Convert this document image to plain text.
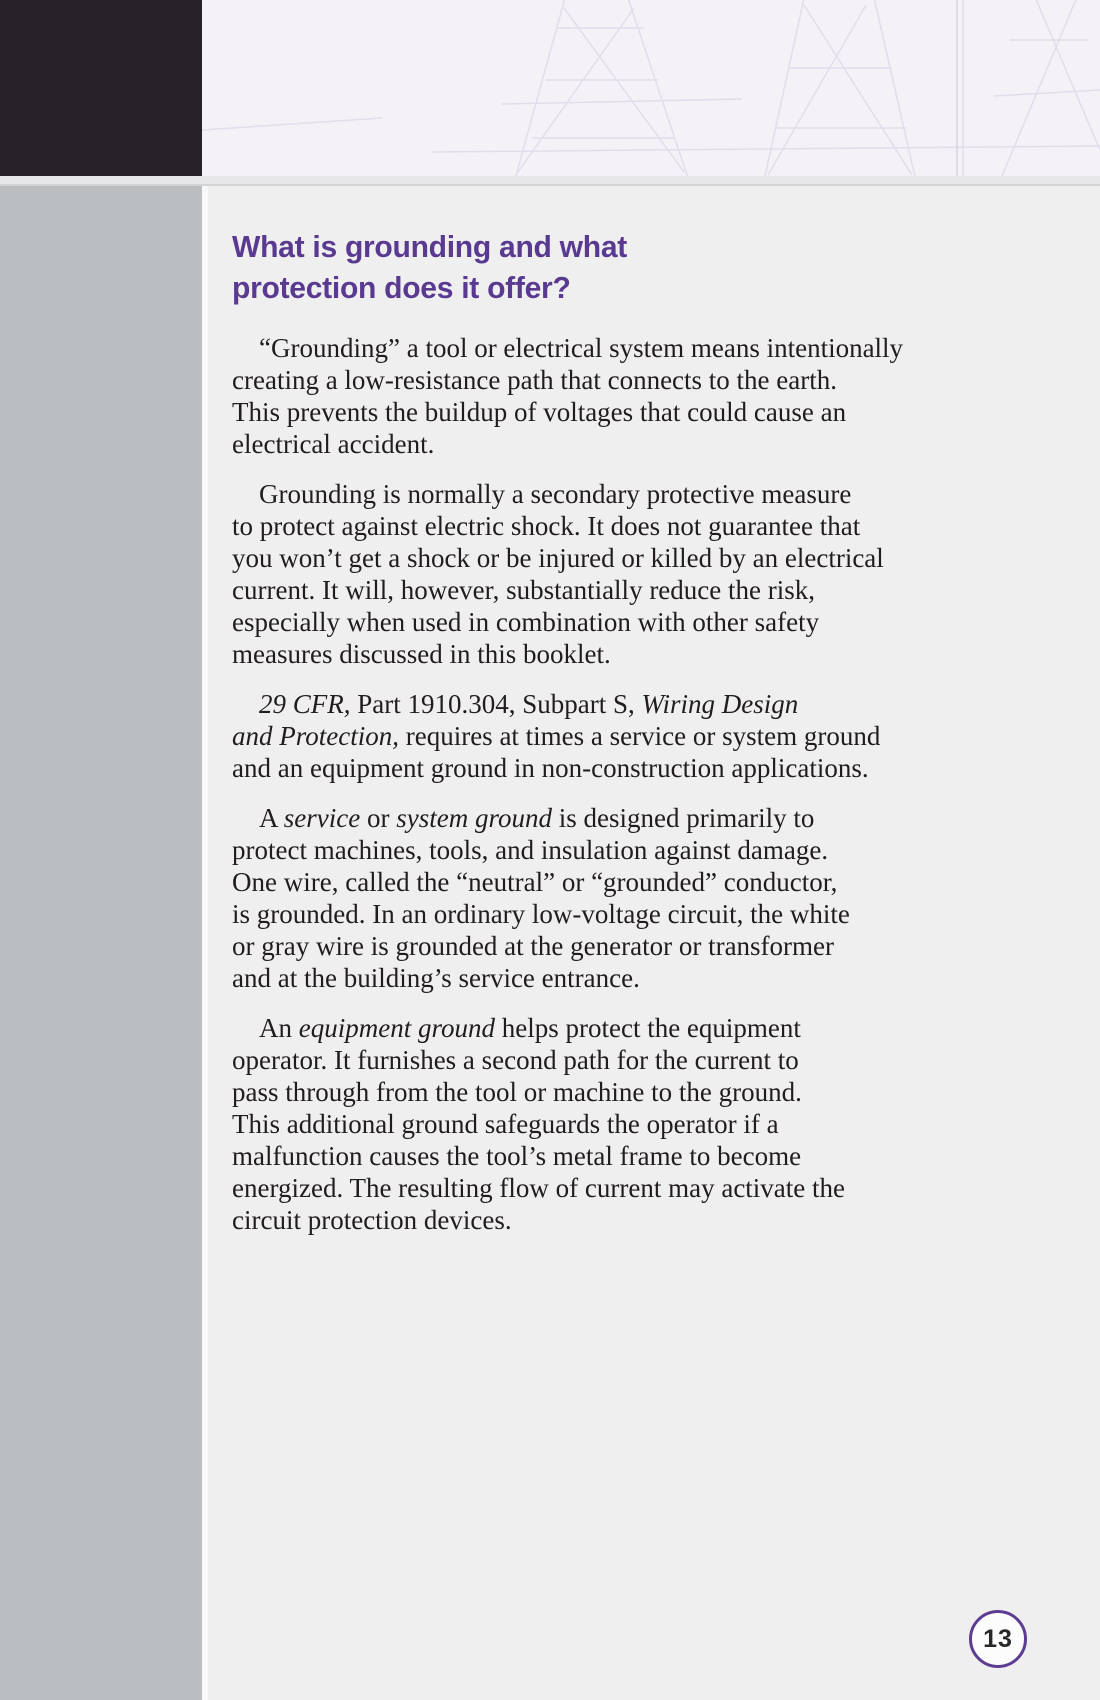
What is grounding and what
protection does it offer?
“Grounding” a tool or electrical system means intentionally
creating a low-resistance path that connects to the earth.
This prevents the buildup of voltages that could cause an
electrical accident.
Grounding is normally a secondary protective measure
to protect against electric shock. It does not guarantee that
you won’t get a shock or be injured or killed by an electrical
current. It will, however, substantially reduce the risk,
especially when used in combination with other safety
measures discussed in this booklet.
29 CFR, Part 1910.304, Subpart S, Wiring Design
and Protection, requires at times a service or system ground
and an equipment ground in non-construction applications.
A service or system ground is designed primarily to
protect machines, tools, and insulation against damage.
One wire, called the “neutral” or “grounded” conductor,
is grounded. In an ordinary low-voltage circuit, the white
or gray wire is grounded at the generator or transformer
and at the building’s service entrance.
An equipment ground helps protect the equipment
operator. It furnishes a second path for the current to
pass through from the tool or machine to the ground.
This additional ground safeguards the operator if a
malfunction causes the tool’s metal frame to become
energized. The resulting flow of current may activate the
circuit protection devices.
13
